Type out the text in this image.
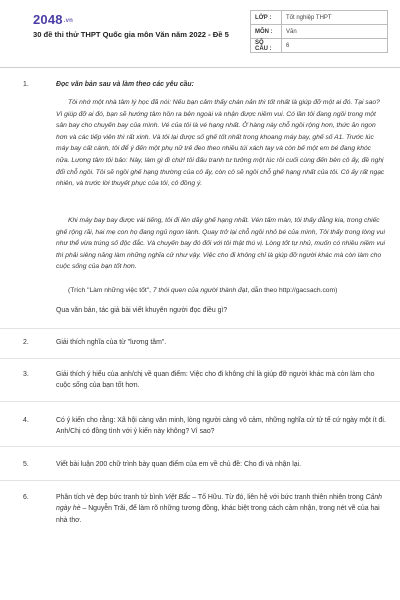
2048.vn
30 đề thi thử THPT Quốc gia môn Văn năm 2022 - Đề 5
LỚP :	Tốt nghiệp THPT
MÔN :	Văn
SỐ CÂU :	6
1.	Đọc văn bản sau và làm theo các yêu cầu:
Tôi nhớ một nhà tâm lý học đã nói: Nếu bạn cảm thấy chán nản thì tốt nhất là giúp đỡ một ai đó. Tại sao? Vì giúp đỡ ai đó, bạn sẽ hướng tâm hồn ra bên ngoài và nhận được niềm vui. Có lần tôi đang ngồi trong một sân bay cho chuyến bay của mình. Vé của tôi là vé hạng nhất. Ở hàng này chỗ ngồi rộng hơn, thức ăn ngon hơn và các tiếp viên thì rất xinh. Và tôi lại được số ghế tốt nhất trong khoang máy bay, ghế số A1. Trước lúc máy bay cất cánh, tôi để ý đến một phụ nữ trẻ đeo theo nhiều túi xách tay và còn bế một em bé đang khóc nữa. Lương tâm tôi bảo: Này, làm gì đi chứ! tôi đấu tranh tư tưởng một lúc rồi cuối cùng đến bên cô ấy, đề nghị đổi chỗ ngồi. Tôi sẽ ngồi ghế hạng thường của cô ấy, còn cô sẽ ngồi chỗ ghế hạng nhất của tôi. Cô ấy rất ngạc nhiên, và trước lời thuyết phục của tôi, cô đồng ý.
Khi máy bay bay được vài tiếng, tôi đi lên dãy ghế hạng nhất. Vén tấm màn, tôi thấy đằng kia, trong chiếc ghế rộng rãi, hai mẹ con họ đang ngủ ngon lành. Quay trở lại chỗ ngồi nhỏ bé của mình, Tôi thấy trong lòng vui như thể vừa trúng số độc đắc. Và chuyến bay đó đối với tôi thật thú vị. Lòng tốt tự nhủ, muốn có nhiều niềm vui thì phải siêng năng làm những nghĩa cử như vậy. Việc cho đi không chỉ là giúp đỡ người khác mà còn làm cho cuộc sống của bạn tốt hơn.
(Trích "Làm những việc tốt", 7 thói quen của người thành đạt, dẫn theo http://gacsach.com)
Qua văn bản, tác giả bài viết khuyên người đọc điều gì?
2.	Giải thích nghĩa của từ "lương tâm".
3.	Giải thích ý hiểu của anh/chị về quan điểm: Việc cho đi không chỉ là giúp đỡ người khác mà còn làm cho cuộc sống của bạn tốt hơn.
4.	Có ý kiến cho rằng: Xã hội càng văn minh, lòng người càng vô cảm, những nghĩa cử tử tế cứ ngày một ít đi. Anh/Chị có đồng tình với ý kiến này không? Vì sao?
5.	Viết bài luận 200 chữ trình bày quan điểm của em về chủ đề: Cho đi và nhận lại.
6.	Phân tích vẻ đẹp bức tranh tứ bình Việt Bắc – Tố Hữu. Từ đó, liên hệ với bức tranh thiên nhiên trong Cảnh ngày hè – Nguyễn Trãi, để làm rõ những tương đồng, khác biệt trong cách cảm nhận, trong nét vẽ của hai nhà thơ.
